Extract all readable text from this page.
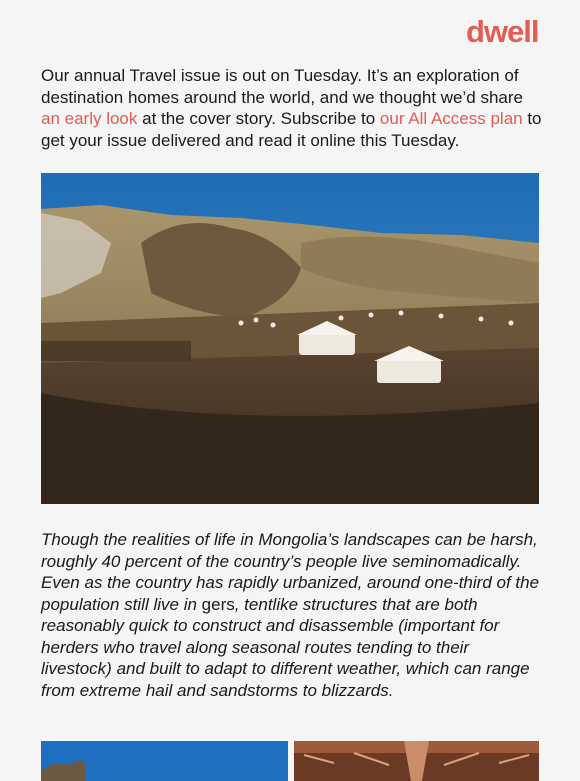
dwell

Our annual Travel issue is out on Tuesday. It’s an exploration of destination homes around the world, and we thought we’d share an early look at the cover story. Subscribe to our All Access plan to get your issue delivered and read it online this Tuesday.

Though the realities of life in Mongolia’s landscapes can be harsh, roughly 40 percent of the country’s people live seminomadically. Even as the country has rapidly urbanized, around one-third of the population still live in gers, tentlike structures that are both reasonably quick to construct and disassemble (important for herders who travel along seasonal routes tending to their livestock) and built to adapt to different weather, which can range from extreme hail and sandstorms to blizzards.
